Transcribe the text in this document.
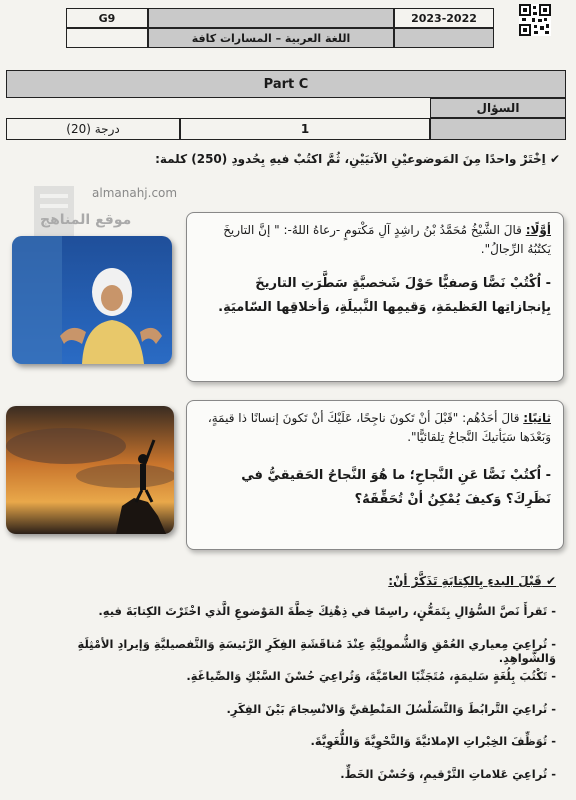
G9
اللغة العربية – المسارات كافة
2023-2022
Part C
السؤال
(20) درجة	1
✔ اِخْتَرْ واحدًا مِنَ المَوضوعيْنِ الآتيَيْنِ، ثُمَّ اكتُبْ فيهِ بِحُدودِ (250) كلمة:
almanahj.com
موقع المناهج
أوَّلًا: قالَ الشَّيْخُ مُحَمَّدُ بْنُ راشِدٍ آلِ مَكْتومٍ -رعاهُ اللهُ-: " إنَّ التاريخَ يَكتُبُهُ الرِّجالُ".
- اُكْتُبْ نَصًّا وَصفيًّا حَوْلَ شَخصيَّةٍ سَطَّرَتِ التاريخَ بِإنجازاتِها العَظيمَةِ، وَقيمِها النَّبيلَةِ، وَأخلاقِها السّاميَةِ.
ثانيًا: قالَ أحَدُهُم: "قَبْلَ أنْ تَكونَ ناجِحًا، عَلَيْكَ أنْ تَكونَ إنسانًا ذا قيمَةٍ، وَبَعْدَها سَيَأتيكَ النَّجاحُ تِلقائيًّا".
- اُكتُبْ نَصًّا عَنِ النَّجاحِ؛ ما هُوَ النَّجاحُ الحَقيقيُّ في نَظَرِكَ؟ وَكيفَ يُمْكِنُ أنْ تُحَقِّقَهُ؟
✔ قَبْلَ البدءِ بِالكِتابَةِ تَذَكَّرْ أنْ:
- تَقرأَ نَصَّ السُّؤالِ بِتَمَعُّنٍ، راسِمًا في ذِهْنِكَ خِطَّةَ المَوْضوعِ الَّذي اخْتَرْتَ الكِتابَةَ فيهِ.
- تُراعِيَ مِعياري العُمْقِ وَالشُّمولِيَّةِ عِنْدَ مُناقَشَةِ الفِكَرِ الرَّئيسَةِ وَالتَّفصيليَّةِ وَإيرادِ الأمْثِلَةِ وَالشَّواهِدِ.
- تَكْتُبَ بِلُغَةٍ سَليمَةٍ، مُتَجَنِّبًا العامّيَّةَ، وَتُراعِيَ حُسْنَ السَّبْكِ وَالصِّياغَةِ.
- تُراعِيَ التَّرابُطَ وَالتَّسَلْسُلَ المَنْطِقيَّ وَالانْسِجامَ بَيْنَ الفِكَرِ.
- تُوَظِّفَ الخِبْراتِ الإملائيَّةَ وَالنَّحْوِيَّةَ وَاللُّغَوِيَّةَ.
- تُراعِيَ عَلاماتِ التَّرْقيمِ، وَحُسْنَ الخَطِّ.
